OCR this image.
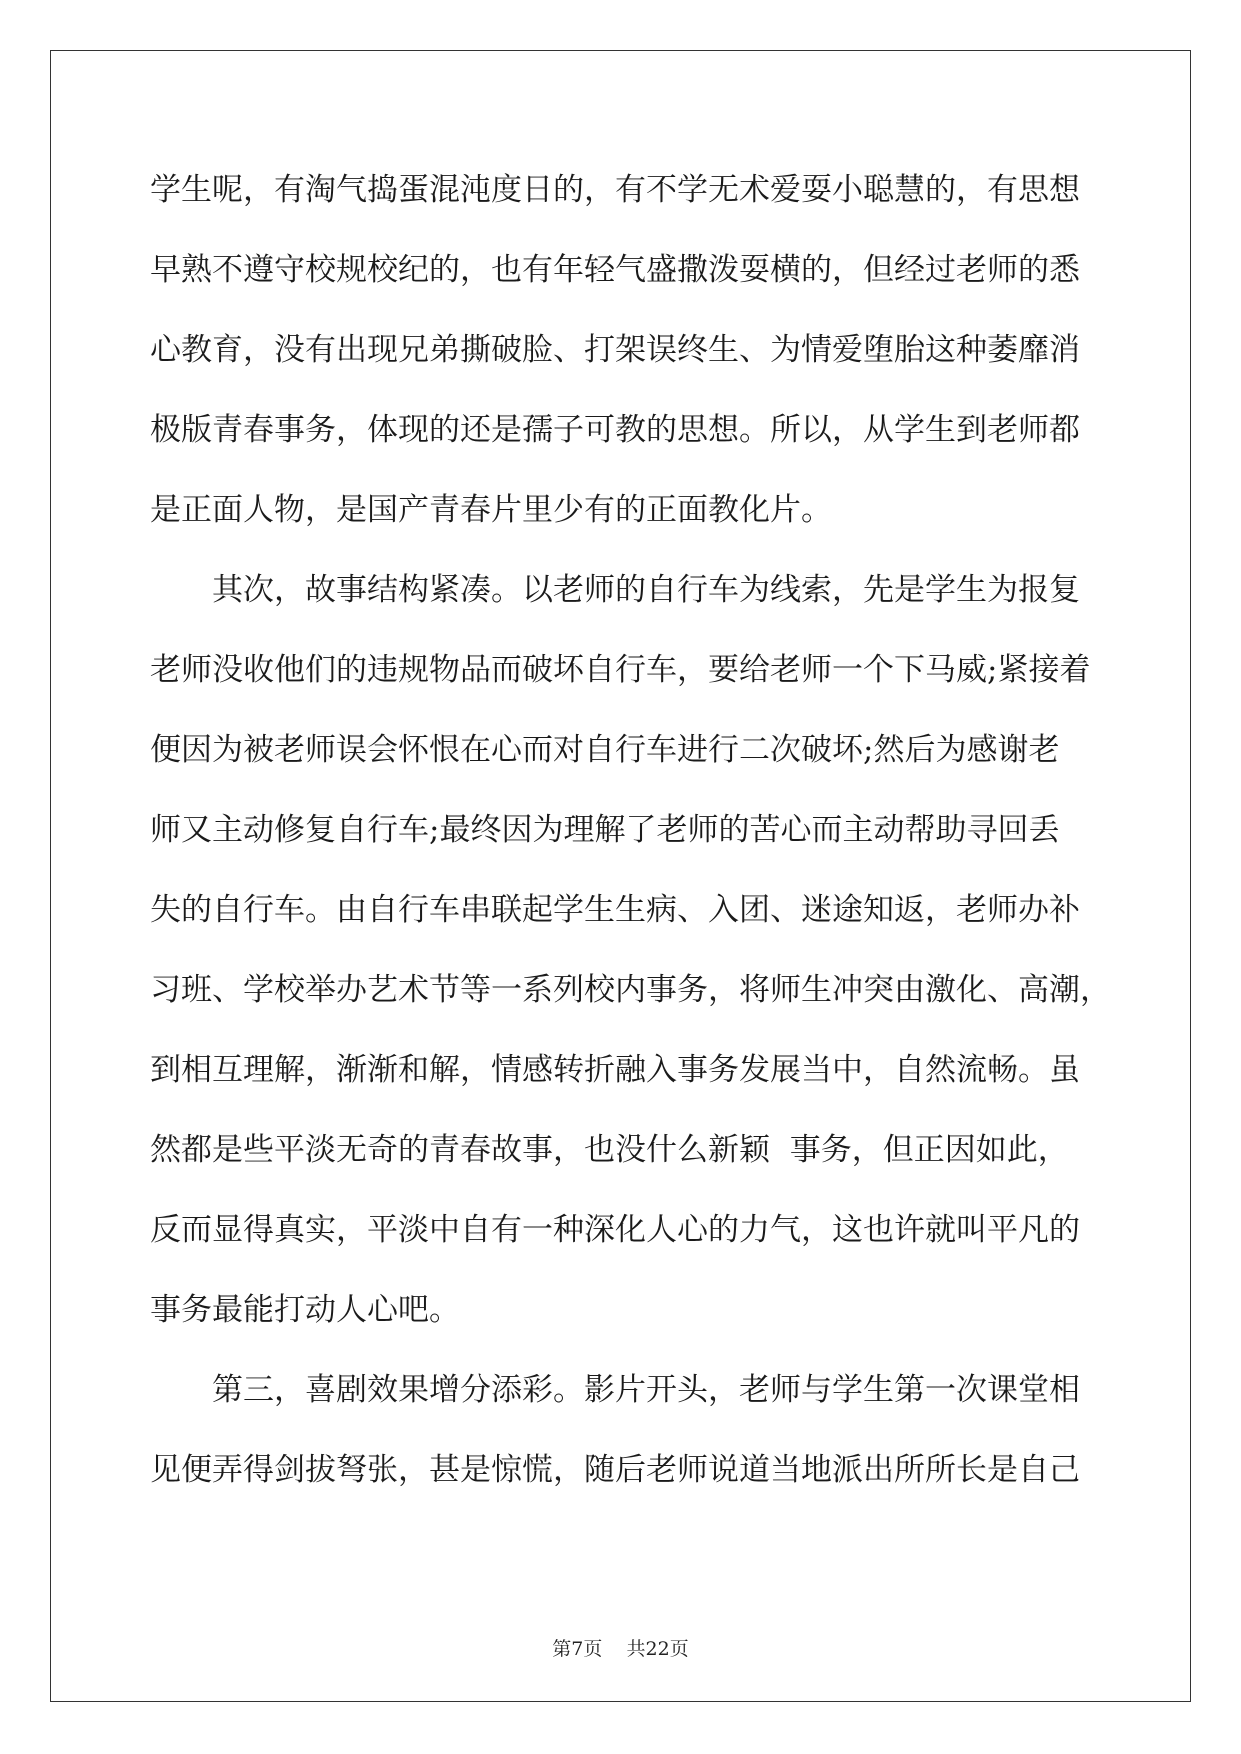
学生呢，有淘气捣蛋混沌度日的，有不学无术爱耍小聪慧的，有思想
早熟不遵守校规校纪的，也有年轻气盛撒泼耍横的，但经过老师的悉
心教育，没有出现兄弟撕破脸、打架误终生、为情爱堕胎这种萎靡消
极版青春事务，体现的还是孺子可教的思想。所以，从学生到老师都
是正面人物，是国产青春片里少有的正面教化片。
其次，故事结构紧凑。以老师的自行车为线索，先是学生为报复
老师没收他们的违规物品而破坏自行车，要给老师一个下马威;紧接着
便因为被老师误会怀恨在心而对自行车进行二次破坏;然后为感谢老
师又主动修复自行车;最终因为理解了老师的苦心而主动帮助寻回丢
失的自行车。由自行车串联起学生生病、入团、迷途知返，老师办补
习班、学校举办艺术节等一系列校内事务，将师生冲突由激化、高潮，
到相互理解，渐渐和解，情感转折融入事务发展当中，自然流畅。虽
然都是些平淡无奇的青春故事，也没什么新颖  事务，但正因如此，
反而显得真实，平淡中自有一种深化人心的力气，这也许就叫平凡的
事务最能打动人心吧。
第三，喜剧效果增分添彩。影片开头，老师与学生第一次课堂相
见便弄得剑拔弩张，甚是惊慌，随后老师说道当地派出所所长是自己
第7页    共22页
